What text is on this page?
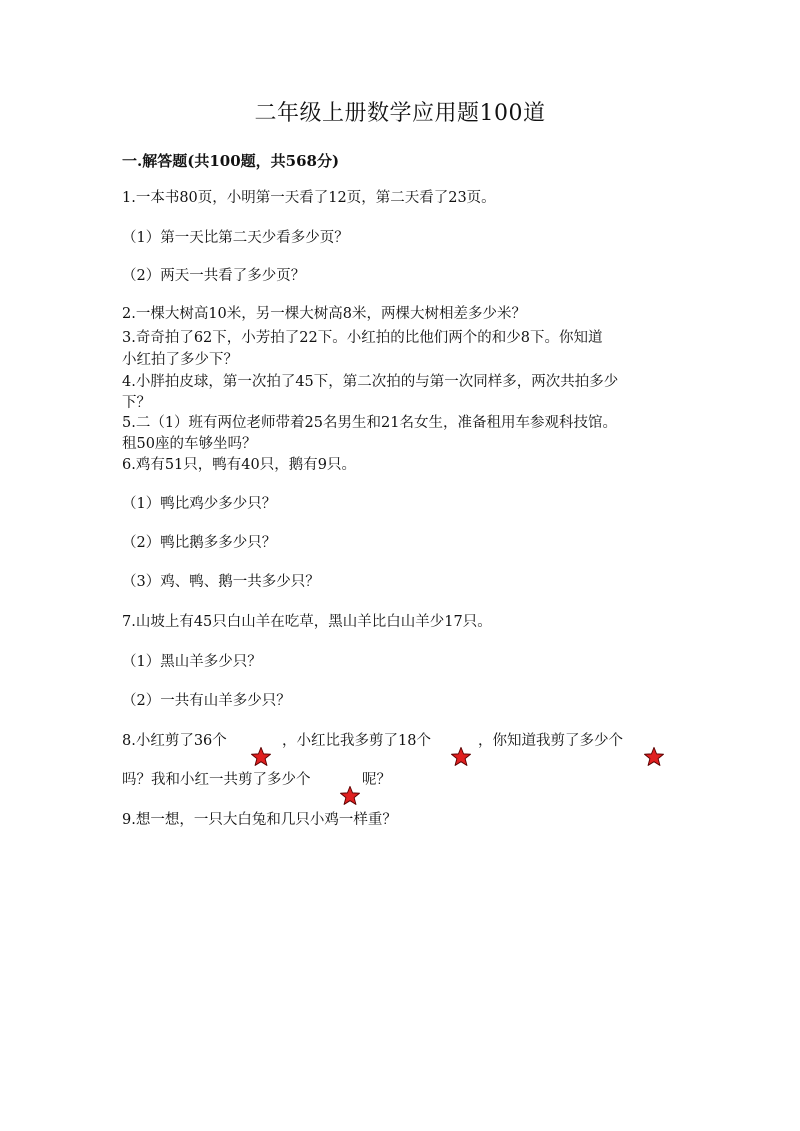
二年级上册数学应用题100道
一.解答题(共100题，共568分)
1.一本书80页，小明第一天看了12页，第二天看了23页。
（1）第一天比第二天少看多少页？
（2）两天一共看了多少页？
2.一棵大树高10米，另一棵大树高8米，两棵大树相差多少米？
3.奇奇拍了62下，小芳拍了22下。小红拍的比他们两个的和少8下。你知道
小红拍了多少下？
4.小胖拍皮球，第一次拍了45下，第二次拍的与第一次同样多，两次共拍多少
下？
5.二（1）班有两位老师带着25名男生和21名女生，准备租用车参观科技馆。
租50座的车够坐吗？
6.鸡有51只，鸭有40只，鹅有9只。
（1）鸭比鸡少多少只？
（2）鸭比鹅多多少只？
（3）鸡、鸭、鹅一共多少只？
7.山坡上有45只白山羊在吃草，黑山羊比白山羊少17只。
（1）黑山羊多少只？
（2）一共有山羊多少只？
8.小红剪了36个	，小红比我多剪了18个	，你知道我剪了多少个
吗？我和小红一共剪了多少个	呢？
9.想一想，一只大白兔和几只小鸡一样重？
